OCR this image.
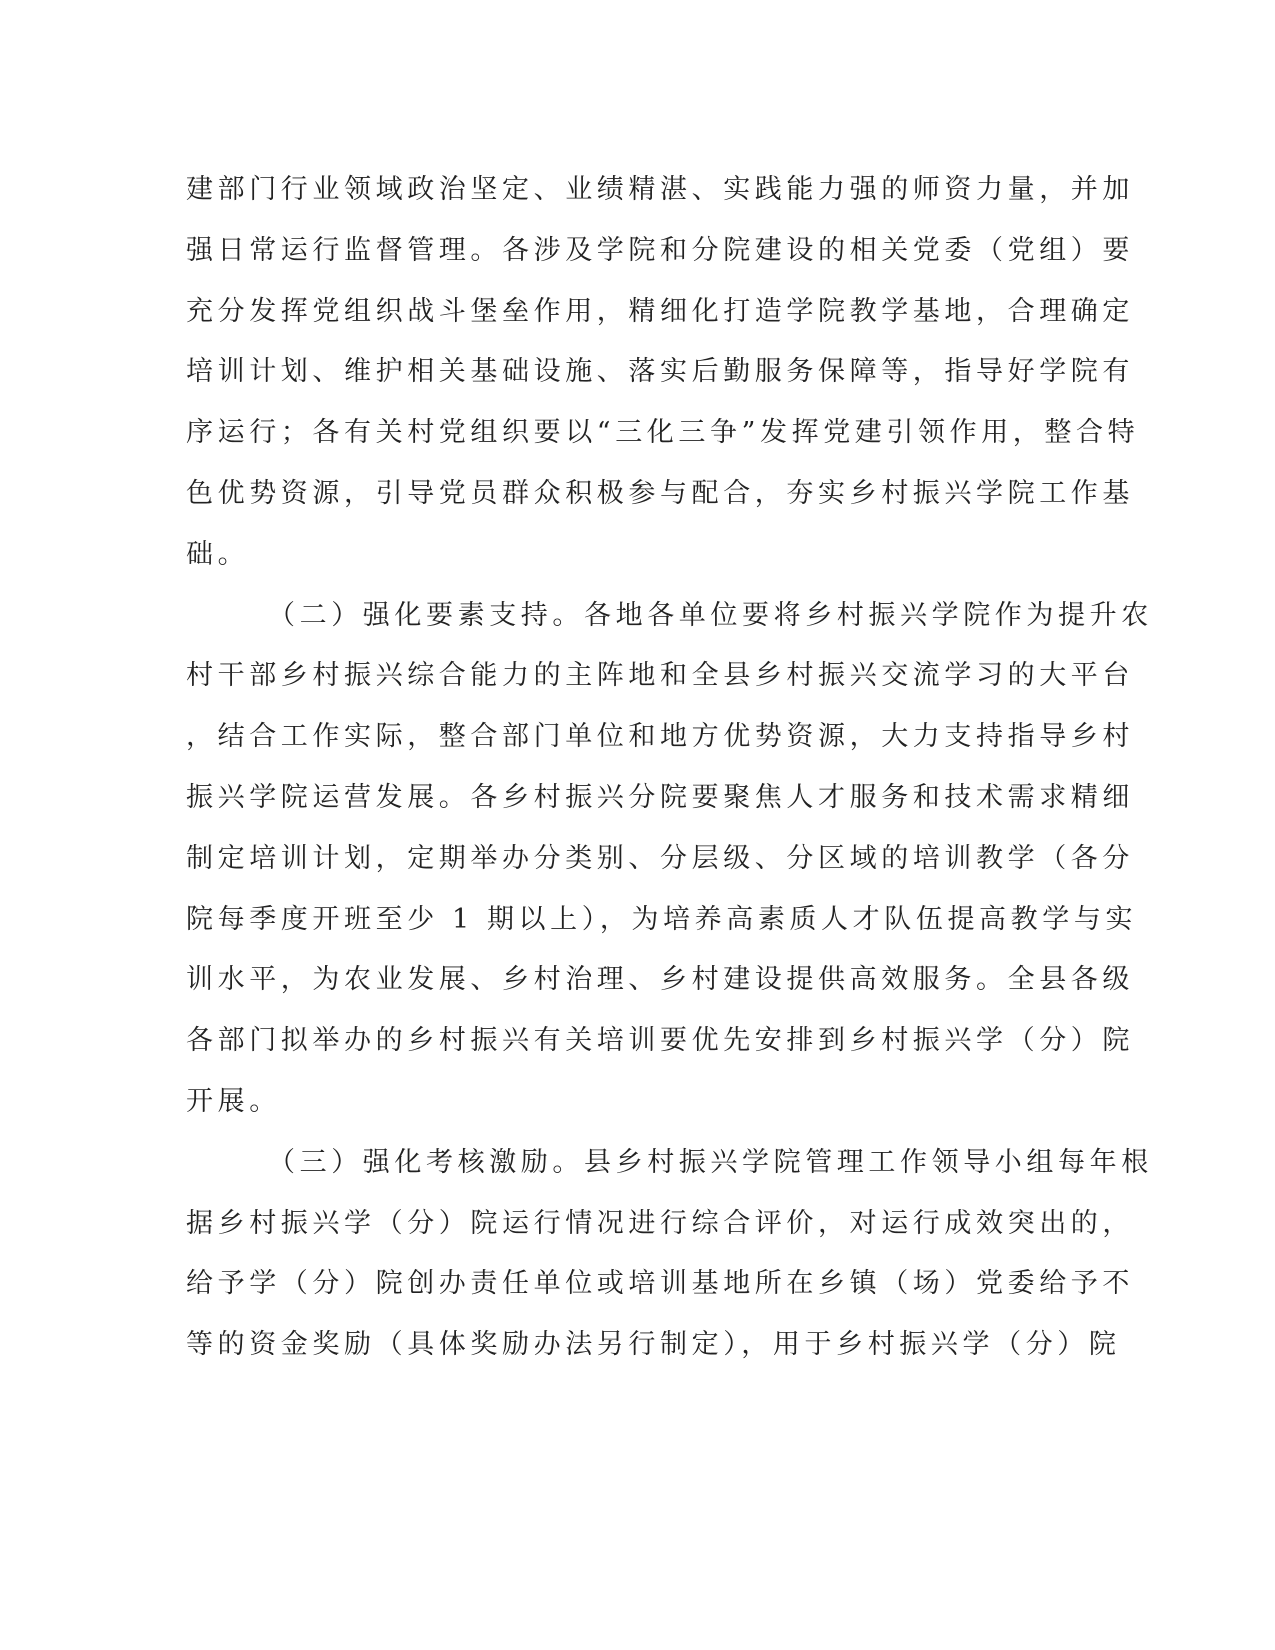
建部门行业领域政治坚定、业绩精湛、实践能力强的师资力量，并加
强日常运行监督管理。各涉及学院和分院建设的相关党委（党组）要
充分发挥党组织战斗堡垒作用，精细化打造学院教学基地，合理确定
培训计划、维护相关基础设施、落实后勤服务保障等，指导好学院有
序运行；各有关村党组织要以“三化三争”发挥党建引领作用，整合特
色优势资源，引导党员群众积极参与配合，夯实乡村振兴学院工作基
础。
（二）强化要素支持。各地各单位要将乡村振兴学院作为提升农
村干部乡村振兴综合能力的主阵地和全县乡村振兴交流学习的大平台
，结合工作实际，整合部门单位和地方优势资源，大力支持指导乡村
振兴学院运营发展。各乡村振兴分院要聚焦人才服务和技术需求精细
制定培训计划，定期举办分类别、分层级、分区域的培训教学（各分
院每季度开班至少 1 期以上），为培养高素质人才队伍提高教学与实
训水平，为农业发展、乡村治理、乡村建设提供高效服务。全县各级
各部门拟举办的乡村振兴有关培训要优先安排到乡村振兴学（分）院
开展。
（三）强化考核激励。县乡村振兴学院管理工作领导小组每年根
据乡村振兴学（分）院运行情况进行综合评价，对运行成效突出的，
给予学（分）院创办责任单位或培训基地所在乡镇（场）党委给予不
等的资金奖励（具体奖励办法另行制定），用于乡村振兴学（分）院
